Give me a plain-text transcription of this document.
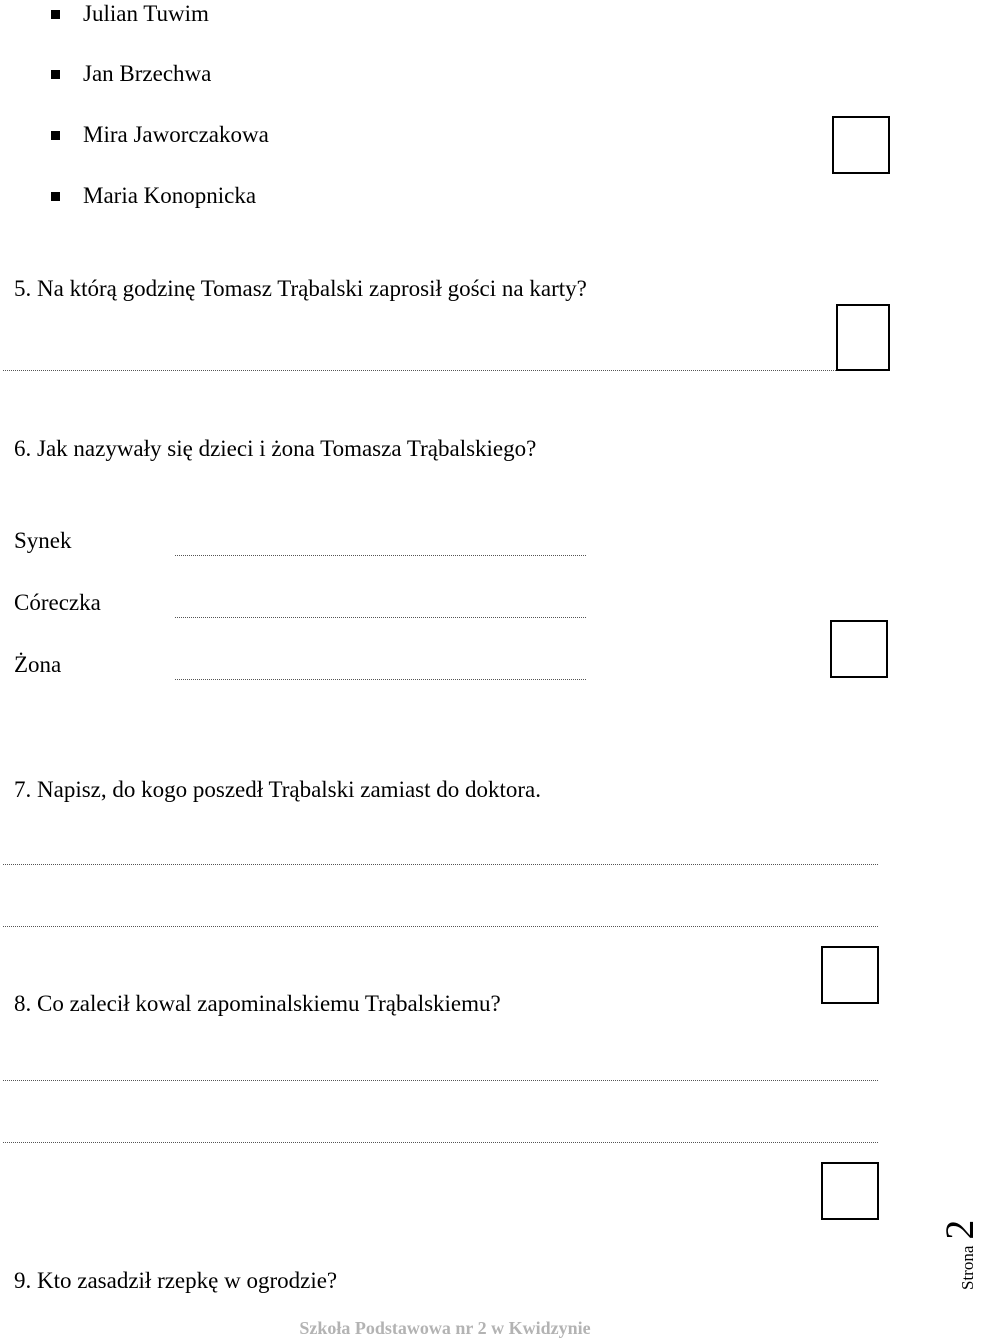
Julian Tuwim
Jan Brzechwa
Mira Jaworczakowa
Maria Konopnicka
5. Na którą godzinę Tomasz Trąbalski zaprosił gości na karty?
6. Jak nazywały się dzieci i żona Tomasza Trąbalskiego?
Synek
Córeczka
Żona
7. Napisz, do kogo poszedł Trąbalski zamiast do doktora.
8. Co zalecił kowal zapominalskiemu Trąbalskiemu?
9. Kto zasadził rzepkę w ogrodzie?	Strona2
Szkoła Podstawowa nr 2 w Kwidzynie
